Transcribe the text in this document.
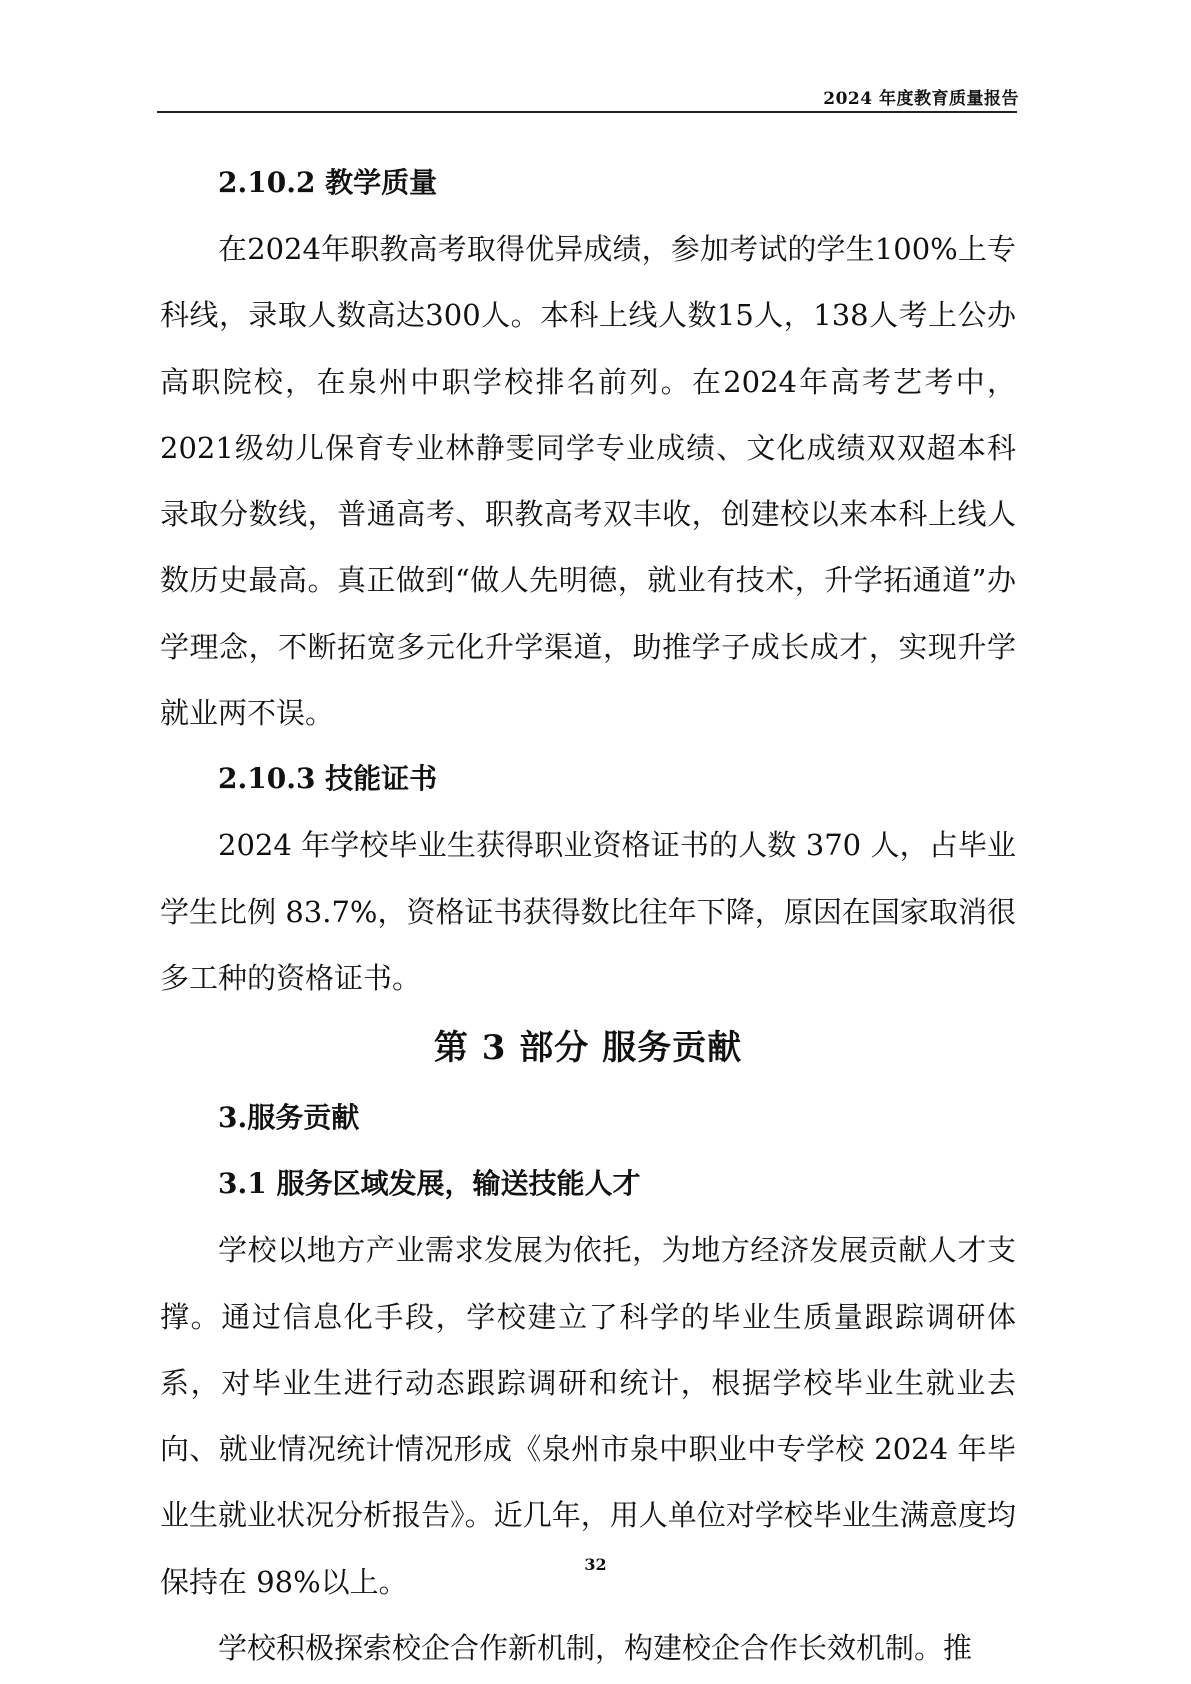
2024 年度教育质量报告
2.10.2 教学质量

在2024年职教高考取得优异成绩，参加考试的学生100%上专科线，录取人数高达300人。本科上线人数15人，138人考上公办高职院校，在泉州中职学校排名前列。在2024年高考艺考中，2021级幼儿保育专业林静雯同学专业成绩、文化成绩双双超本科录取分数线，普通高考、职教高考双丰收，创建校以来本科上线人数历史最高。真正做到“做人先明德，就业有技术，升学拓通道”办学理念，不断拓宽多元化升学渠道，助推学子成长成才，实现升学就业两不误。

2.10.3 技能证书

2024 年学校毕业生获得职业资格证书的人数 370 人，占毕业学生比例 83.7%，资格证书获得数比往年下降，原因在国家取消很多工种的资格证书。

第 3 部分 服务贡献
3.服务贡献
3.1 服务区域发展，输送技能人才

学校以地方产业需求发展为依托，为地方经济发展贡献人才支撑。通过信息化手段，学校建立了科学的毕业生质量跟踪调研体系，对毕业生进行动态跟踪调研和统计，根据学校毕业生就业去向、就业情况统计情况形成《泉州市泉中职业中专学校 2024 年毕业生就业状况分析报告》。近几年，用人单位对学校毕业生满意度均保持在 98%以上。

学校积极探索校企合作新机制，构建校企合作长效机制。推

32
